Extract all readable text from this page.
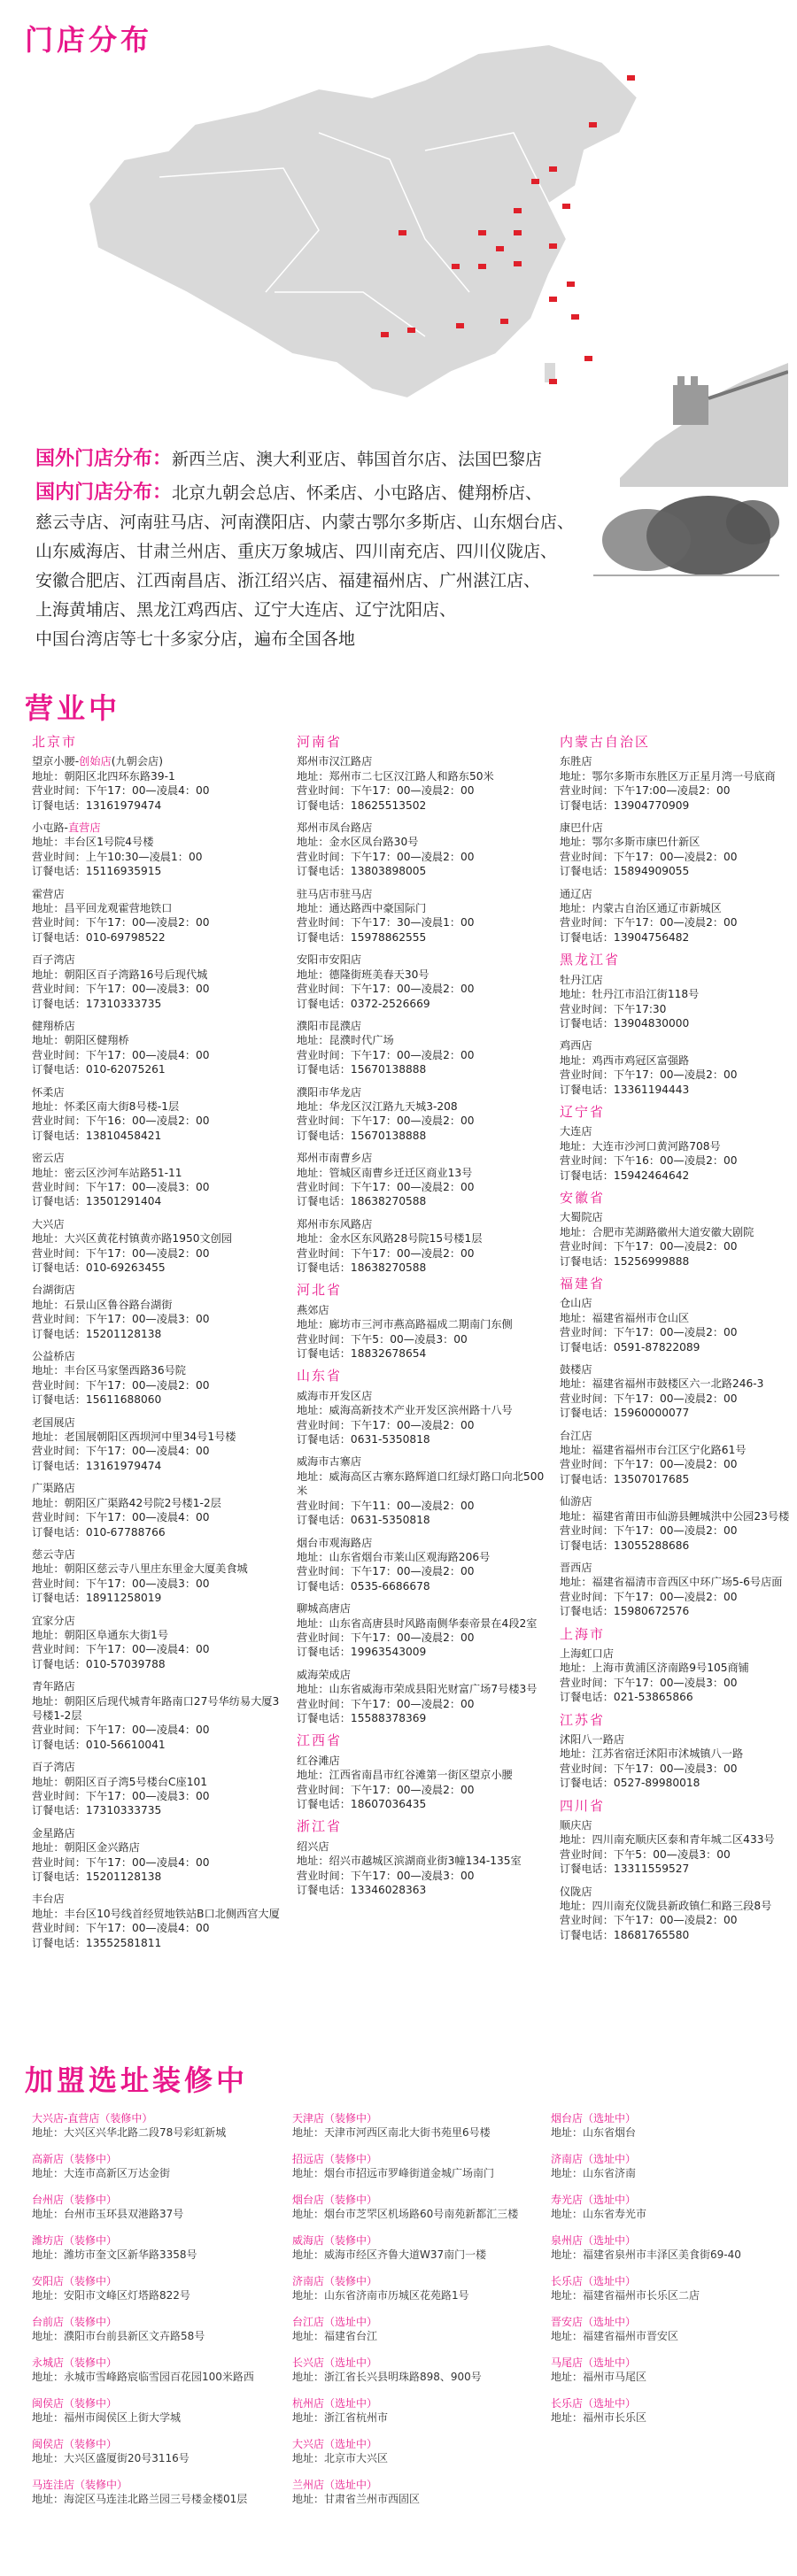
门店分布
国外门店分布：新西兰店、澳大利亚店、韩国首尔店、法国巴黎店
国内门店分布：北京九朝会总店、怀柔店、小屯路店、健翔桥店、
慈云寺店、河南驻马店、河南濮阳店、内蒙古鄂尔多斯店、山东烟台店、
山东威海店、甘肃兰州店、重庆万象城店、四川南充店、四川仪陇店、
安徽合肥店、江西南昌店、浙江绍兴店、福建福州店、广州湛江店、
上海黄埔店、黑龙江鸡西店、辽宁大连店、辽宁沈阳店、
中国台湾店等七十多家分店，遍布全国各地
营业中
北京市
望京小腰-创始店(九朝会店)
地址：朝阳区北四环东路39-1
营业时间：下午17：00—凌晨4：00
订餐电话：13161979474
小屯路-直营店
地址：丰台区1号院4号楼
营业时间：上午10:30—凌晨1：00
订餐电话：15116935915
霍营店
地址：昌平回龙观霍营地铁口
营业时间：下午17：00—凌晨2：00
订餐电话：010-69798522
百子湾店
地址：朝阳区百子湾路16号后现代城
营业时间：下午17：00—凌晨3：00
订餐电话：17310333735
健翔桥店
地址：朝阳区健翔桥
营业时间：下午17：00—凌晨4：00
订餐电话：010-62075261
怀柔店
地址：怀柔区南大街8号楼-1层
营业时间：下午16：00—凌晨2：00
订餐电话：13810458421
密云店
地址：密云区沙河车站路51-11
营业时间：下午17：00—凌晨3：00
订餐电话：13501291404
大兴店
地址：大兴区黄花村镇黄亦路1950文创园
营业时间：下午17：00—凌晨2：00
订餐电话：010-69263455
台湖街店
地址：石景山区鲁谷路台湖街
营业时间：下午17：00—凌晨3：00
订餐电话：15201128138
公益桥店
地址：丰台区马家堡西路36号院
营业时间：下午17：00—凌晨2：00
订餐电话：15611688060
老国展店
地址：老国展朝阳区西坝河中里34号1号楼
营业时间：下午17：00—凌晨4：00
订餐电话：13161979474
广渠路店
地址：朝阳区广渠路42号院2号楼1-2层
营业时间：下午17：00—凌晨4：00
订餐电话：010-67788766
慈云寺店
地址：朝阳区慈云寺八里庄东里金大厦美食城
营业时间：下午17：00—凌晨3：00
订餐电话：18911258019
宜家分店
地址：朝阳区阜通东大街1号
营业时间：下午17：00—凌晨4：00
订餐电话：010-57039788
青年路店
地址：朝阳区后现代城青年路南口27号华纺易大厦3号楼1-2层
营业时间：下午17：00—凌晨4：00
订餐电话：010-56610041
百子湾店
地址：朝阳区百子湾5号楼台C座101
营业时间：下午17：00—凌晨3：00
订餐电话：17310333735
金星路店
地址：朝阳区金兴路店
营业时间：下午17：00—凌晨4：00
订餐电话：15201128138
丰台店
地址：丰台区10号线首经贸地铁站B口北侧西宫大厦
营业时间：下午17：00—凌晨4：00
订餐电话：13552581811
河南省
郑州市汉江路店
地址：郑州市二七区汉江路人和路东50米
营业时间：下午17：00—凌晨2：00
订餐电话：18625513502
郑州市凤台路店
地址：金水区凤台路30号
营业时间：下午17：00—凌晨2：00
订餐电话：13803898005
驻马店市驻马店
地址：通达路西中豪国际门
营业时间：下午17：30—凌晨1：00
订餐电话：15978862555
安阳市安阳店
地址：德隆街班美春天30号
营业时间：下午17：00—凌晨2：00
订餐电话：0372-2526669
濮阳市昆濮店
地址：昆濮时代广场
营业时间：下午17：00—凌晨2：00
订餐电话：15670138888
濮阳市华龙店
地址：华龙区汉江路九天城3-208
营业时间：下午17：00—凌晨2：00
订餐电话：15670138888
郑州市南曹乡店
地址：管城区南曹乡迁迁区商业13号
营业时间：下午17：00—凌晨2：00
订餐电话：18638270588
郑州市东风路店
地址：金水区东风路28号院15号楼1层
营业时间：下午17：00—凌晨2：00
订餐电话：18638270588
河北省
燕郊店
地址：廊坊市三河市燕高路福成二期南门东侧
营业时间：下午5：00—凌晨3：00
订餐电话：18832678654
山东省
威海市开发区店
地址：威海高新技术产业开发区滨州路十八号
营业时间：下午17：00—凌晨2：00
订餐电话：0631-5350818
威海市古寨店
地址：威海高区古寨东路辉道口红绿灯路口向北500米
营业时间：下午11：00—凌晨2：00
订餐电话：0631-5350818
烟台市观海路店
地址：山东省烟台市莱山区观海路206号
营业时间：下午17：00—凌晨2：00
订餐电话：0535-6686678
聊城高唐店
地址：山东省高唐县时风路南侧华泰帝景在4段2室
营业时间：下午17：00—凌晨2：00
订餐电话：19963543009
威海荣成店
地址：山东省威海市荣成县阳光财富广场7号楼3号
营业时间：下午17：00—凌晨2：00
订餐电话：15588378369
江西省
红谷滩店
地址：江西省南昌市红谷滩第一街区望京小腰
营业时间：下午17：00—凌晨2：00
订餐电话：18607036435
浙江省
绍兴店
地址：绍兴市越城区滨湖商业街3幢134-135室
营业时间：下午17：00—凌晨3：00
订餐电话：13346028363
内蒙古自治区
东胜店
地址：鄂尔多斯市东胜区万正星月湾一号底商
营业时间：下午17:00—凌晨2：00
订餐电话：13904770909
康巴什店
地址：鄂尔多斯市康巴什新区
营业时间：下午17：00—凌晨2：00
订餐电话：15894909055
通辽店
地址：内蒙古自治区通辽市新城区
营业时间：下午17：00—凌晨2：00
订餐电话：13904756482
黑龙江省
牡丹江店
地址：牡丹江市沿江街118号
营业时间：下午17:30
订餐电话：13904830000
鸡西店
地址：鸡西市鸡冠区富强路
营业时间：下午17：00—凌晨2：00
订餐电话：13361194443
辽宁省
大连店
地址：大连市沙河口黄河路708号
营业时间：下午16：00—凌晨2：00
订餐电话：15942464642
安徽省
大蜀院店
地址：合肥市芜湖路徽州大道安徽大剧院
营业时间：下午17：00—凌晨2：00
订餐电话：15256999888
福建省
仓山店
地址：福建省福州市仓山区
营业时间：下午17：00—凌晨2：00
订餐电话：0591-87822089
鼓楼店
地址：福建省福州市鼓楼区六一北路246-3
营业时间：下午17：00—凌晨2：00
订餐电话：15960000077
台江店
地址：福建省福州市台江区宁化路61号
营业时间：下午17：00—凌晨2：00
订餐电话：13507017685
仙游店
地址：福建省莆田市仙游县鲤城洪中公园23号楼
营业时间：下午17：00—凌晨2：00
订餐电话：13055288686
晋西店
地址：福建省福清市音西区中环广场5-6号店面
营业时间：下午17：00—凌晨2：00
订餐电话：15980672576
上海市
上海虹口店
地址：上海市黄浦区济南路9号105商铺
营业时间：下午17：00—凌晨3：00
订餐电话：021-53865866
江苏省
沭阳八一路店
地址：江苏省宿迁沭阳市沭城镇八一路
营业时间：下午17：00—凌晨3：00
订餐电话：0527-89980018
四川省
顺庆店
地址：四川南充顺庆区泰和青年城二区433号
营业时间：下午5：00—凌晨3：00
订餐电话：13311559527
仪陇店
地址：四川南充仪陇县新政镇仁和路三段8号
营业时间：下午17：00—凌晨2：00
订餐电话：18681765580
加盟选址装修中
大兴店-直营店（装修中）
地址：大兴区兴华北路二段78号彩虹新城
高新店（装修中）
地址：大连市高新区万达金街
台州店（装修中）
地址：台州市玉环县双港路37号
潍坊店（装修中）
地址：潍坊市奎文区新华路3358号
安阳店（装修中）
地址：安阳市文峰区灯塔路822号
台前店（装修中）
地址：濮阳市台前县新区文卉路58号
永城店（装修中）
地址：永城市雪峰路宸临雪园百花园100米路西
闽侯店（装修中）
地址：福州市闽侯区上街大学城
闽侯店（装修中）
地址：大兴区盛厦街20号3116号
马连洼店（装修中）
地址：海淀区马连洼北路兰园三号楼金楼01层
天津店（装修中）
地址：天津市河西区南北大街书苑里6号楼
招远店（装修中）
地址：烟台市招远市罗峰街道金城广场南门
烟台店（装修中）
地址：烟台市芝罘区机场路60号南苑新都汇三楼
威海店（装修中）
地址：威海市经区齐鲁大道W37南门一楼
济南店（装修中）
地址：山东省济南市历城区花苑路1号
台江店（选址中）
地址：福建省台江
长兴店（选址中）
地址：浙江省长兴县明珠路898、900号
杭州店（选址中）
地址：浙江省杭州市
大兴店（选址中）
地址：北京市大兴区
兰州店（选址中）
地址：甘肃省兰州市西固区
烟台店（选址中）
地址：山东省烟台
济南店（选址中）
地址：山东省济南
寿光店（选址中）
地址：山东省寿光市
泉州店（选址中）
地址：福建省泉州市丰泽区美食街69-40
长乐店（选址中）
地址：福建省福州市长乐区二店
晋安店（选址中）
地址：福建省福州市晋安区
马尾店（选址中）
地址：福州市马尾区
长乐店（选址中）
地址：福州市长乐区
